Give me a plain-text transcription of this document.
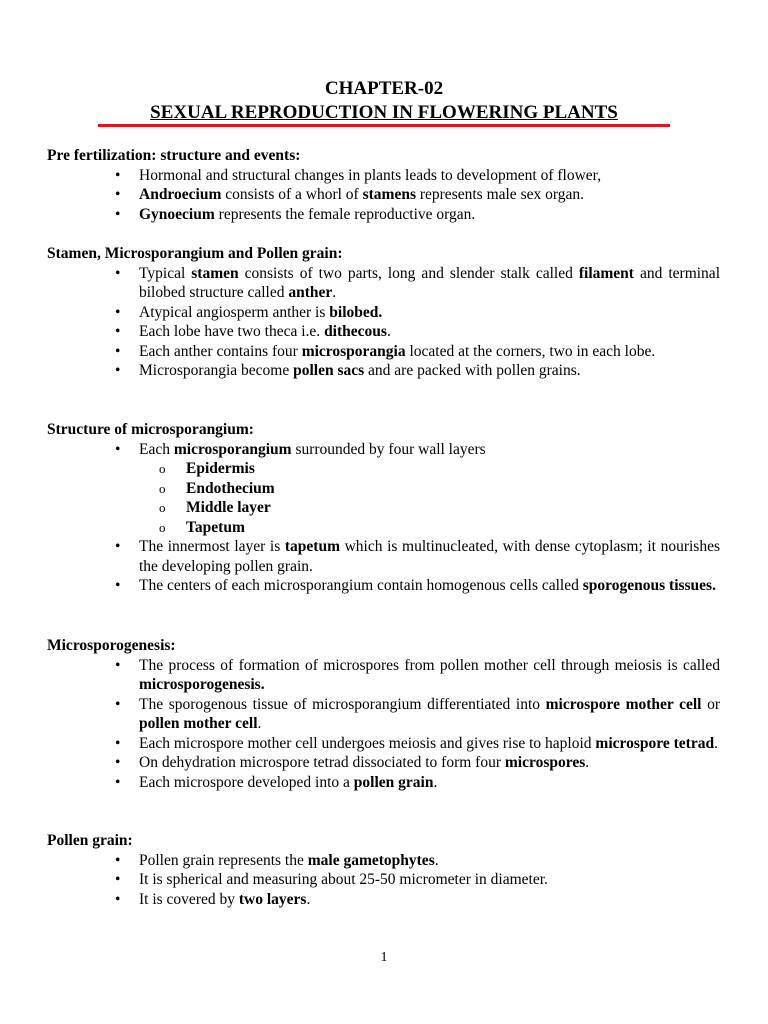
CHAPTER-02
SEXUAL REPRODUCTION IN FLOWERING PLANTS

Pre fertilization: structure and events:

• Hormonal and structural changes in plants leads to development of flower,
• Androecium consists of a whorl of stamens represents male sex organ.
• Gynoecium represents the female reproductive organ.

Stamen, Microsporangium and Pollen grain:

• Typical stamen consists of two parts, long and slender stalk called filament and terminal bilobed structure called anther.
• Atypical angiosperm anther is bilobed.
• Each lobe have two theca i.e. dithecous.
• Each anther contains four microsporangia located at the corners, two in each lobe.
• Microsporangia become pollen sacs and are packed with pollen grains.

Structure of microsporangium:

• Each microsporangium surrounded by four wall layers
o Epidermis
o Endothecium
o Middle layer
o Tapetum
• The innermost layer is tapetum which is multinucleated, with dense cytoplasm; it nourishes the developing pollen grain.
• The centers of each microsporangium contain homogenous cells called sporogenous tissues.

Microsporogenesis:

• The process of formation of microspores from pollen mother cell through meiosis is called microsporogenesis.
• The sporogenous tissue of microsporangium differentiated into microspore mother cell or pollen mother cell.
• Each microspore mother cell undergoes meiosis and gives rise to haploid microspore tetrad.
• On dehydration microspore tetrad dissociated to form four microspores.
• Each microspore developed into a pollen grain.

Pollen grain:

• Pollen grain represents the male gametophytes.
• It is spherical and measuring about 25-50 micrometer in diameter.
• It is covered by two layers.
1
